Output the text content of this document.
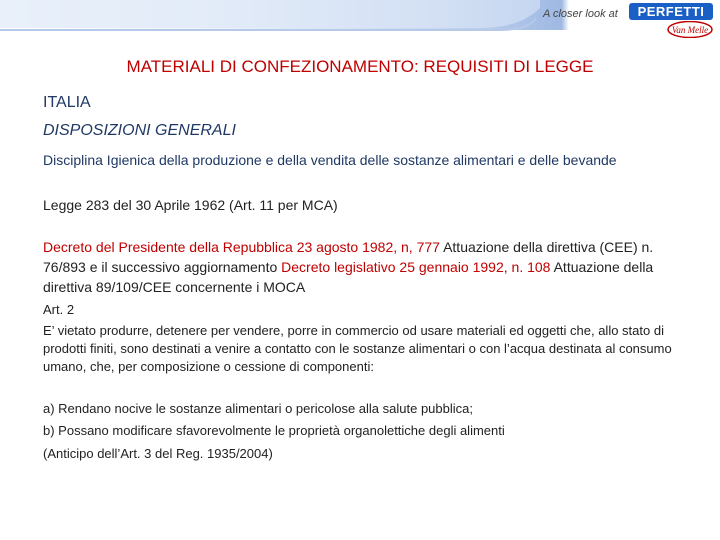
A closer look at	PERFETTI
Van Melle
MATERIALI DI CONFEZIONAMENTO: REQUISITI DI LEGGE
ITALIA
DISPOSIZIONI GENERALI
Disciplina Igienica della produzione e della vendita delle sostanze alimentari e delle bevande
Legge 283 del 30 Aprile 1962 (Art. 11 per MCA)
Decreto del Presidente della Repubblica 23 agosto 1982, n, 777 Attuazione della direttiva (CEE) n. 76/893 e il successivo aggiornamento Decreto legislativo 25 gennaio 1992, n. 108 Attuazione della direttiva 89/109/CEE concernente i MOCA
Art. 2
E’ vietato produrre, detenere per vendere, porre in commercio od usare materiali ed oggetti che, allo stato di prodotti finiti, sono destinati a venire a contatto con le sostanze alimentari o con l’acqua destinata al consumo umano, che, per composizione o cessione di componenti:
a) Rendano nocive le sostanze alimentari o pericolose alla salute pubblica;
b) Possano modificare sfavorevolmente le proprietà organolettiche degli alimenti
(Anticipo dell’Art. 3 del Reg. 1935/2004)
